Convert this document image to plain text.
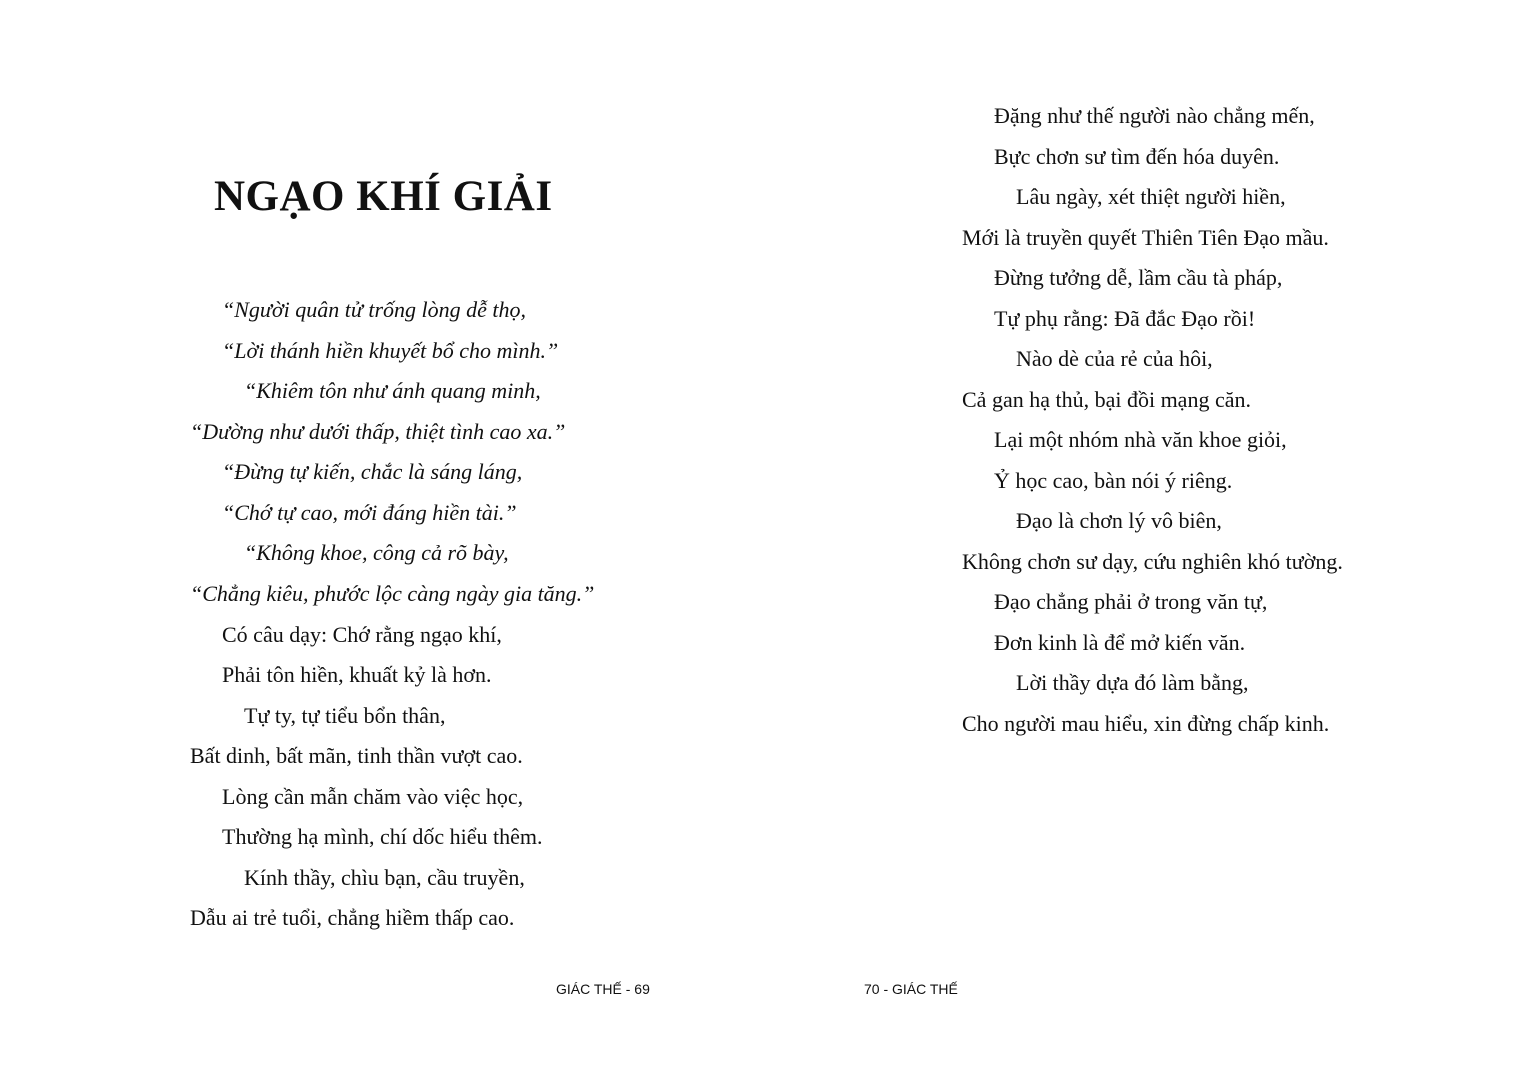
NGẠO KHÍ GIẢI
“Người quân tử trống lòng dễ thọ,
“Lời thánh hiền khuyết bổ cho mình.”
“Khiêm tôn như ánh quang minh,
“Dường như dưới thấp, thiệt tình cao xa.”
“Đừng tự kiến, chắc là sáng láng,
“Chớ tự cao, mới đáng hiền tài.”
“Không khoe, công cả rõ bày,
“Chẳng kiêu, phước lộc càng ngày gia tăng.”
Có câu dạy: Chớ rằng ngạo khí,
Phải tôn hiền, khuất kỷ là hơn.
Tự ty, tự tiểu bổn thân,
Bất dinh, bất mãn, tinh thần vượt cao.
Lòng cần mẫn chăm vào việc học,
Thường hạ mình, chí dốc hiểu thêm.
Kính thầy, chìu bạn, cầu truyền,
Dẫu ai trẻ tuổi, chẳng hiềm thấp cao.
GIÁC THẾ - 69
Đặng như thế người nào chẳng mến,
Bực chơn sư tìm đến hóa duyên.
Lâu ngày, xét thiệt người hiền,
Mới là truyền quyết Thiên Tiên Đạo mầu.
Đừng tưởng dễ, lầm cầu tà pháp,
Tự phụ rằng: Đã đắc Đạo rồi!
Nào dè của rẻ của hôi,
Cả gan hạ thủ, bại đồi mạng căn.
Lại một nhóm nhà văn khoe giỏi,
Ỷ học cao, bàn nói ý riêng.
Đạo là chơn lý vô biên,
Không chơn sư dạy, cứu nghiên khó tường.
Đạo chẳng phải ở trong văn tự,
Đơn kinh là để mở kiến văn.
Lời thầy dựa đó làm bằng,
Cho người mau hiểu, xin đừng chấp kinh.
70 - GIÁC THẾ
